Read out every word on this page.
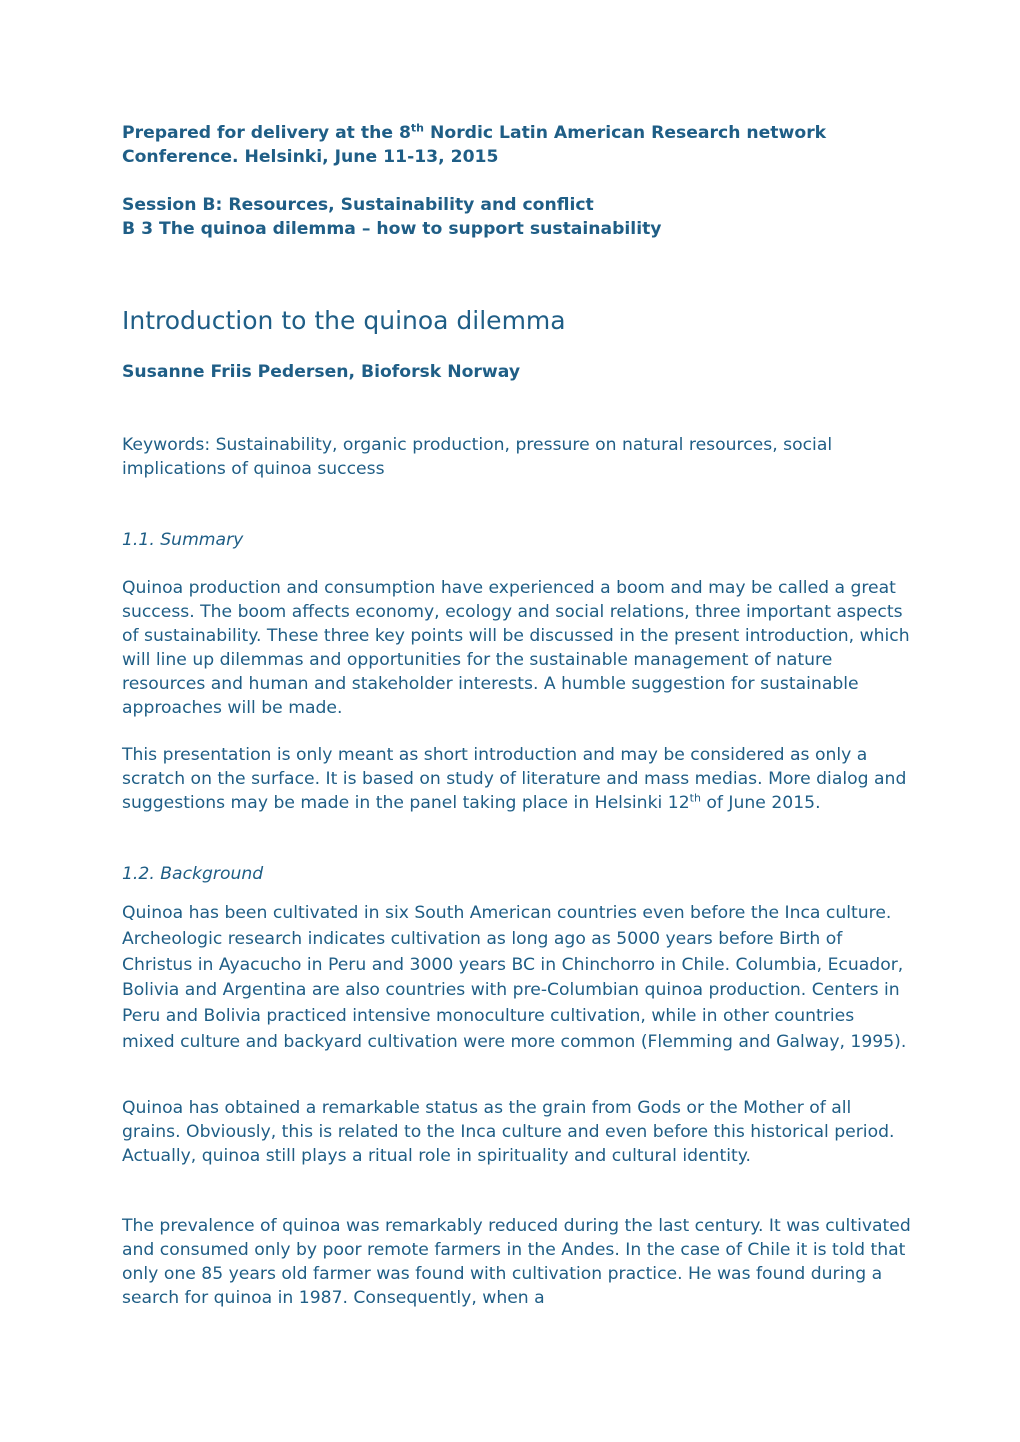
Prepared for delivery at the 8th Nordic Latin American Research network Conference. Helsinki, June 11-13, 2015

Session B: Resources, Sustainability and conflict
B 3 The quinoa dilemma – how to support sustainability

Introduction to the quinoa dilemma

Susanne Friis Pedersen, Bioforsk Norway

Keywords: Sustainability, organic production, pressure on natural resources, social implications of quinoa success

1.1. Summary

Quinoa production and consumption have experienced a boom and may be called a great success. The boom affects economy, ecology and social relations, three important aspects of sustainability. These three key points will be discussed in the present introduction, which will line up dilemmas and opportunities for the sustainable management of nature resources and human and stakeholder interests. A humble suggestion for sustainable approaches will be made.

This presentation is only meant as short introduction and may be considered as only a scratch on the surface. It is based on study of literature and mass medias. More dialog and suggestions may be made in the panel taking place in Helsinki 12th of June 2015.

1.2. Background

Quinoa has been cultivated in six South American countries even before the Inca culture. Archeologic research indicates cultivation as long ago as 5000 years before Birth of Christus in Ayacucho in Peru and 3000 years BC in Chinchorro in Chile. Columbia, Ecuador, Bolivia and Argentina are also countries with pre-Columbian quinoa production. Centers in Peru and Bolivia practiced intensive monoculture cultivation, while in other countries mixed culture and backyard cultivation were more common (Flemming and Galway, 1995).

Quinoa has obtained a remarkable status as the grain from Gods or the Mother of all grains. Obviously, this is related to the Inca culture and even before this historical period. Actually, quinoa still plays a ritual role in spirituality and cultural identity.

The prevalence of quinoa was remarkably reduced during the last century. It was cultivated and consumed only by poor remote farmers in the Andes. In the case of Chile it is told that only one 85 years old farmer was found with cultivation practice. He was found during a search for quinoa in 1987. Consequently, when a
